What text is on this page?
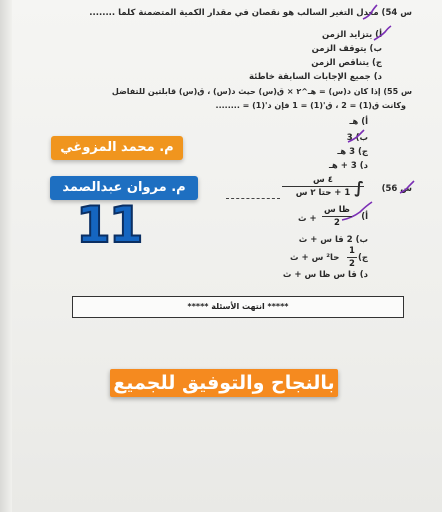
س 54) معدل التغير السالب هو نقصان في مقدار الكمية المتضمنة كلما ........
أ) يتزايد الزمن
ب) يتوقف الزمن
ج) يتناقص الزمن
د) جميع الإجابات السابقة خاطئة
س 55) إذا كان د(س) = هـ^٢ × ق(س) حيث د(س) ، ق(س) قابلتين للتفاضل
وكانت ق(1) = 2 ، ق'(1) = 1 فإن د'(1) = ........
أ) هـ
ب) 3
ج) 3 هـ
د) 3 + هـ
م. محمد المزوغي
م. مروان عبدالصمد
11
س 56)
∫
٤ س
1 + حتا ٢ س
أ)
ظا س
2
+ ث
ب) 2 قا س + ث
ج)
1
2
حا² س + ث
د) قا س ظا س + ث
***** انتهت الأسئلة *****
بالنجاح والتوفيق للجميع
